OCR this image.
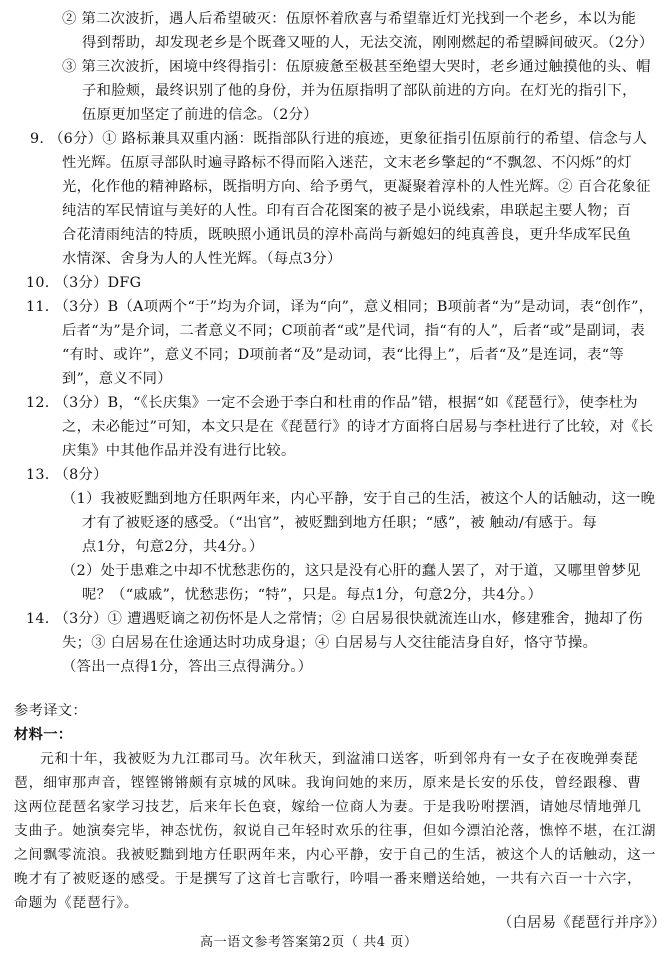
② 第二次波折，遇人后希望破灭：伍原怀着欣喜与希望靠近灯光找到一个老乡，本以为能
得到帮助，却发现老乡是个既聋又哑的人，无法交流，刚刚燃起的希望瞬间破灭。（2分）
③ 第三次波折，困境中终得指引：伍原疲惫至极甚至绝望大哭时，老乡通过触摸他的头、帽
子和脸颊，最终识别了他的身份，并为伍原指明了部队前进的方向。在灯光的指引下，
伍原更加坚定了前进的信念。（2分）
9. （6分）① 路标兼具双重内涵：既指部队行进的痕迹，更象征指引伍原前行的希望、信念与人
性光辉。伍原寻部队时遍寻路标不得而陷入迷茫，文末老乡擎起的“不飘忽、不闪烁”的灯
光，化作他的精神路标，既指明方向、给予勇气，更凝聚着淳朴的人性光辉。② 百合花象征
纯洁的军民情谊与美好的人性。印有百合花图案的被子是小说线索，串联起主要人物；百
合花清雨纯洁的特质，既映照小通讯员的淳朴高尚与新媳妇的纯真善良，更升华成军民鱼
水情深、舍身为人的人性光辉。（每点3分）
10. （3分）DFG
11. （3分）B（A项两个“于”均为介词，译为“向”，意义相同；B项前者“为”是动词，表“创作”，
后者“为”是介词，二者意义不同；C项前者“或”是代词，指“有的人”，后者“或”是副词，表
“有时、或许”，意义不同；D项前者“及”是动词，表“比得上”，后者“及”是连词，表“等
到”，意义不同）
12. （3分）B，“《长庆集》一定不会逊于李白和杜甫的作品”错，根据“如《琵琶行》，使李杜为
之，未必能过”可知，本文只是在《琵琶行》的诗才方面将白居易与李杜进行了比较，对《长
庆集》中其他作品并没有进行比较。
13. （8分）
（1）我被贬黜到地方任职两年来，内心平静，安于自己的生活，被这个人的话触动，这一晚
才有了被贬逐的感受。（“出官”，被贬黜到地方任职；“感”，被 触动/有感于。每
点1分，句意2分，共4分。）
（2）处于患难之中却不忧愁悲伤的，这只是没有心肝的蠢人罢了，对于道，又哪里曾梦见
呢？（“戚戚”，忧愁悲伤；“特”，只是。每点1分，句意2分，共4分。）
14. （3分）① 遭遇贬谪之初伤怀是人之常情；② 白居易很快就流连山水，修建雅舍，抛却了伤
失；③ 白居易在仕途通达时功成身退；④ 白居易与人交往能洁身自好，恪守节操。
（答出一点得1分，答出三点得满分。）
参考译文：
材料一：
元和十年，我被贬为九江郡司马。次年秋天，到湓浦口送客，听到邻舟有一女子在夜晚弹奏琵
琶，细审那声音，铿铿锵锵颇有京城的风味。我询问她的来历，原来是长安的乐伎，曾经跟穆、曹
这两位琵琶名家学习技艺，后来年长色衰，嫁给一位商人为妻。于是我吩咐摆酒，请她尽情地弹几
支曲子。她演奏完毕，神态忧伤，叙说自己年轻时欢乐的往事，但如今漂泊沦落，憔悴不堪，在江湖
之间飘零流浪。我被贬黜到地方任职两年来，内心平静，安于自己的生活，被这个人的话触动，这一
晚才有了被贬逐的感受。于是撰写了这首七言歌行，吟唱一番来赠送给她，一共有六百一十六字，
命题为《琵琶行》。
（白居易《琵琶行并序》）
高一语文参考答案第2页（ 共4 页）
